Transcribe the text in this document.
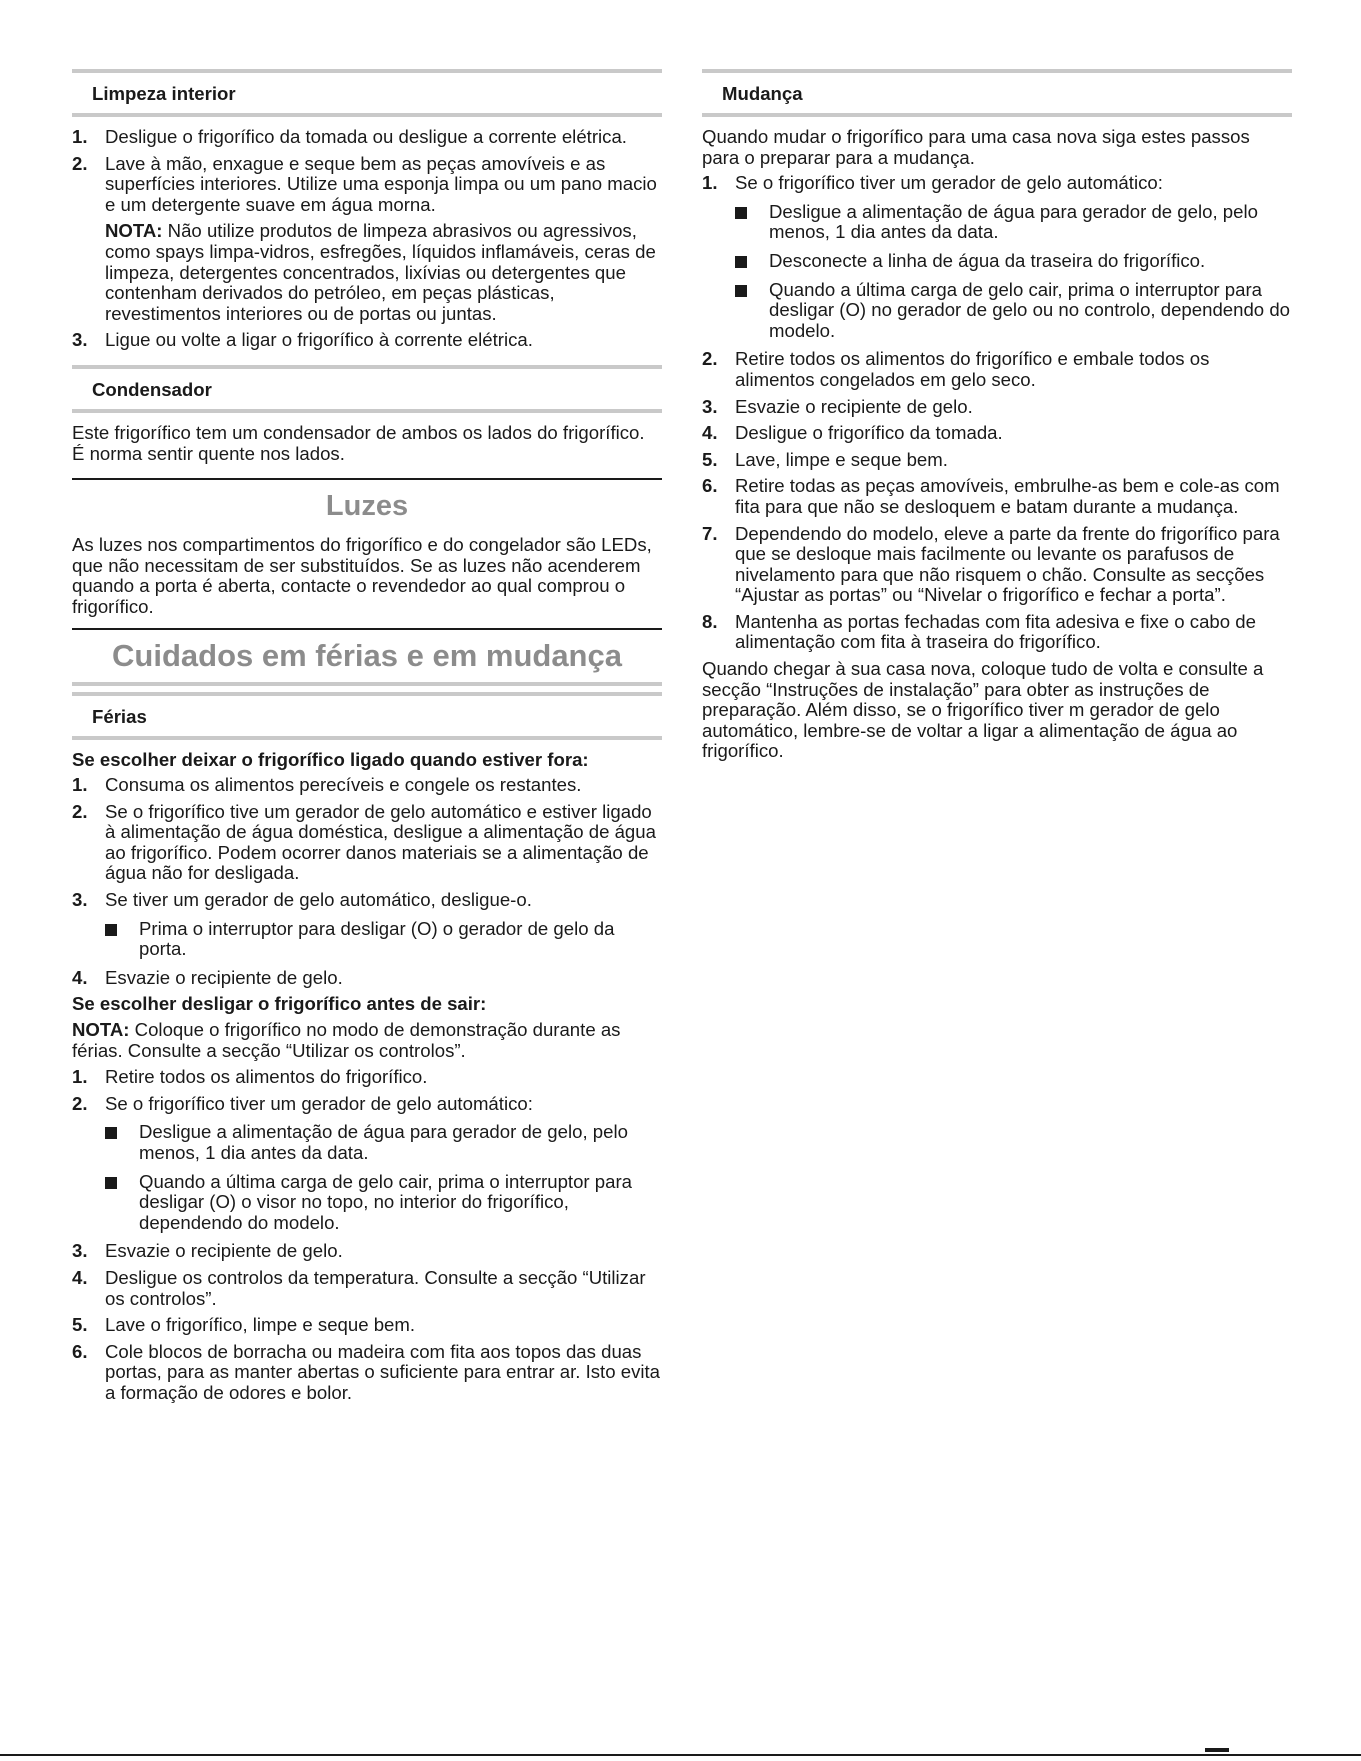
Limpeza interior
1. Desligue o frigorífico da tomada ou desligue a corrente elétrica.
2. Lave à mão, enxague e seque bem as peças amovíveis e as superfícies interiores. Utilize uma esponja limpa ou um pano macio e um detergente suave em água morna.
NOTA: Não utilize produtos de limpeza abrasivos ou agressivos, como spays limpa-vidros, esfregões, líquidos inflamáveis, ceras de limpeza, detergentes concentrados, lixívias ou detergentes que contenham derivados do petróleo, em peças plásticas, revestimentos interiores ou de portas ou juntas.
3. Ligue ou volte a ligar o frigorífico à corrente elétrica.
Condensador

Este frigorífico tem um condensador de ambos os lados do frigorífico. É norma sentir quente nos lados.

Luzes

As luzes nos compartimentos do frigorífico e do congelador são LEDs, que não necessitam de ser substituídos. Se as luzes não acenderem quando a porta é aberta, contacte o revendedor ao qual comprou o frigorífico.

Cuidados em férias e em mudança
Férias
Se escolher deixar o frigorífico ligado quando estiver fora:
1. Consuma os alimentos perecíveis e congele os restantes.
2. Se o frigorífico tive um gerador de gelo automático e estiver ligado à alimentação de água doméstica, desligue a alimentação de água ao frigorífico. Podem ocorrer danos materiais se a alimentação de água não for desligada.
3. Se tiver um gerador de gelo automático, desligue-o.
Prima o interruptor para desligar (O) o gerador de gelo da porta.
4. Esvazie o recipiente de gelo.
Se escolher desligar o frigorífico antes de sair:

NOTA: Coloque o frigorífico no modo de demonstração durante as férias. Consulte a secção “Utilizar os controlos”.

1. Retire todos os alimentos do frigorífico.
2. Se o frigorífico tiver um gerador de gelo automático:
Desligue a alimentação de água para gerador de gelo, pelo menos, 1 dia antes da data.
Quando a última carga de gelo cair, prima o interruptor para desligar (O) o visor no topo, no interior do frigorífico, dependendo do modelo.
3. Esvazie o recipiente de gelo.
4. Desligue os controlos da temperatura. Consulte a secção “Utilizar os controlos”.
5. Lave o frigorífico, limpe e seque bem.
6. Cole blocos de borracha ou madeira com fita aos topos das duas portas, para as manter abertas o suficiente para entrar ar. Isto evita a formação de odores e bolor.
Mudança

Quando mudar o frigorífico para uma casa nova siga estes passos para o preparar para a mudança.

1. Se o frigorífico tiver um gerador de gelo automático:
Desligue a alimentação de água para gerador de gelo, pelo menos, 1 dia antes da data.
Desconecte a linha de água da traseira do frigorífico.
Quando a última carga de gelo cair, prima o interruptor para desligar (O) no gerador de gelo ou no controlo, dependendo do modelo.
2. Retire todos os alimentos do frigorífico e embale todos os alimentos congelados em gelo seco.
3. Esvazie o recipiente de gelo.
4. Desligue o frigorífico da tomada.
5. Lave, limpe e seque bem.
6. Retire todas as peças amovíveis, embrulhe-as bem e cole-as com fita para que não se desloquem e batam durante a mudança.
7. Dependendo do modelo, eleve a parte da frente do frigorífico para que se desloque mais facilmente ou levante os parafusos de nivelamento para que não risquem o chão. Consulte as secções “Ajustar as portas” ou “Nivelar o frigorífico e fechar a porta”.
8. Mantenha as portas fechadas com fita adesiva e fixe o cabo de alimentação com fita à traseira do frigorífico.

Quando chegar à sua casa nova, coloque tudo de volta e consulte a secção “Instruções de instalação” para obter as instruções de preparação. Além disso, se o frigorífico tiver m gerador de gelo automático, lembre-se de voltar a ligar a alimentação de água ao frigorífico.
